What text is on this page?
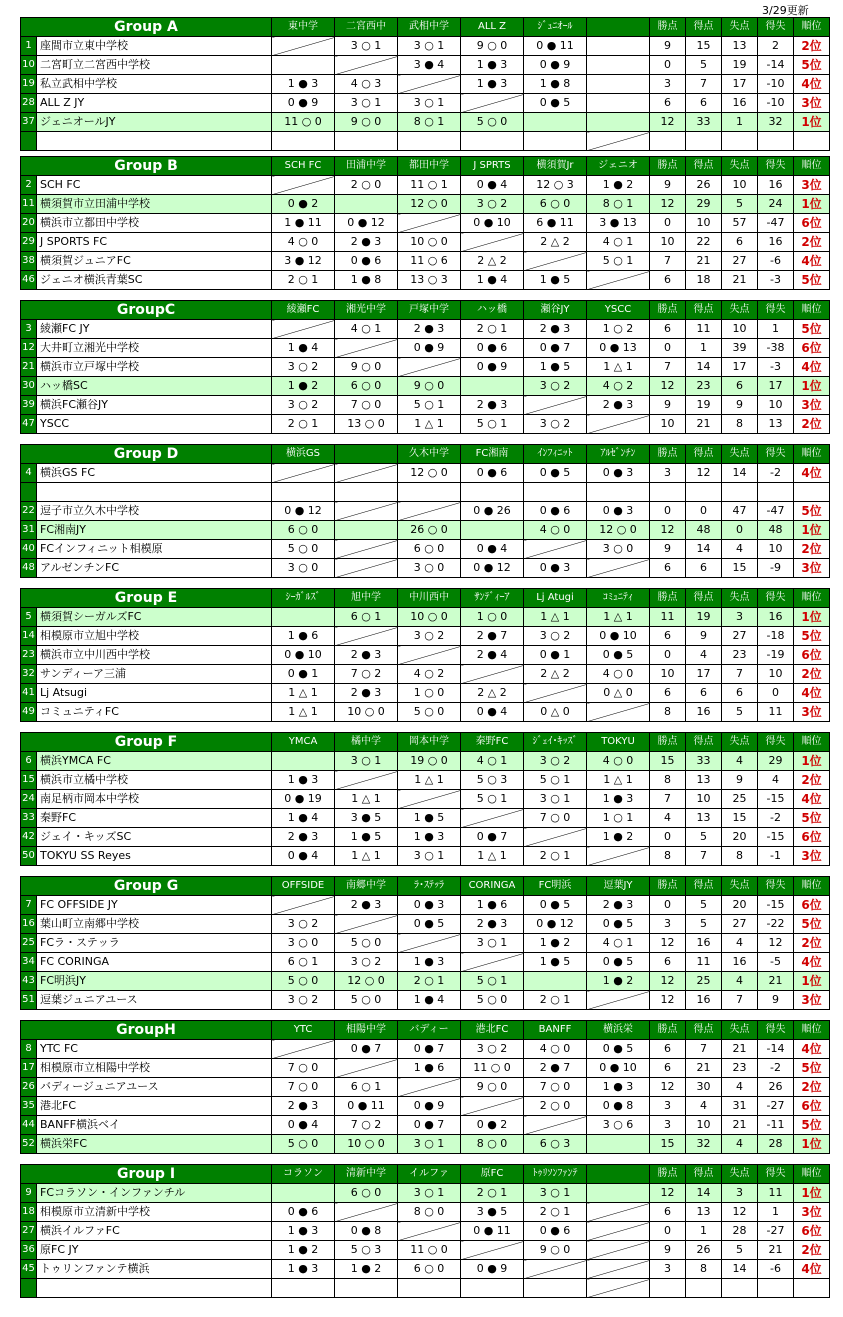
3/29更新
Group A		東中学	二宮西中	武相中学	ALL Z	ｼﾞｭﾆｵｰﾙ		勝点	得点	失点	得失	順位
1	座間市立東中学校		3 ○ 1	3 ○ 1	9 ○ 0	0 ● 11		9	15	13	2	2位
10	二宮町立二宮西中学校			3 ● 4	1 ● 3	0 ● 9		0	5	19	-14	5位
19	私立武相中学校	1 ● 3	4 ○ 3		1 ● 3	1 ● 8		3	7	17	-10	4位
28	ALL Z JY	0 ● 9	3 ○ 1	3 ○ 1		0 ● 5		6	6	16	-10	3位
37	ジェニオールJY	11 ○ 0	9 ○ 0	8 ○ 1	5 ○ 0			12	33	1	32	1位

Group B		SCH FC	田浦中学	都田中学	J SPRTS	横須賀Jr	ジェニオ	勝点	得点	失点	得失	順位
2	SCH FC		2 ○ 0	11 ○ 1	0 ● 4	12 ○ 3	1 ● 2	9	26	10	16	3位
11	横須賀市立田浦中学校	0 ● 2		12 ○ 0	3 ○ 2	6 ○ 0	8 ○ 1	12	29	5	24	1位
20	横浜市立都田中学校	1 ● 11	0 ● 12		0 ● 10	6 ● 11	3 ● 13	0	10	57	-47	6位
29	J SPORTS FC	4 ○ 0	2 ● 3	10 ○ 0		2 △ 2	4 ○ 1	10	22	6	16	2位
38	横須賀ジュニアFC	3 ● 12	0 ● 6	11 ○ 6	2 △ 2		5 ○ 1	7	21	27	-6	4位
46	ジェニオ横浜青葉SC	2 ○ 1	1 ● 8	13 ○ 3	1 ● 4	1 ● 5		6	18	21	-3	5位
GroupC		綾瀬FC	湘光中学	戸塚中学	ハッ橋	瀬谷JY	YSCC	勝点	得点	失点	得失	順位
3	綾瀬FC JY		4 ○ 1	2 ● 3	2 ○ 1	2 ● 3	1 ○ 2	6	11	10	1	5位
12	大井町立湘光中学校	1 ● 4		0 ● 9	0 ● 6	0 ● 7	0 ● 13	0	1	39	-38	6位
21	横浜市立戸塚中学校	3 ○ 2	9 ○ 0		0 ● 9	1 ● 5	1 △ 1	7	14	17	-3	4位
30	ハッ橋SC	1 ● 2	6 ○ 0	9 ○ 0		3 ○ 2	4 ○ 2	12	23	6	17	1位
39	横浜FC瀬谷JY	3 ○ 2	7 ○ 0	5 ○ 1	2 ● 3		2 ● 3	9	19	9	10	3位
47	YSCC	2 ○ 1	13 ○ 0	1 △ 1	5 ○ 1	3 ○ 2		10	21	8	13	2位
Group D		横浜GS		久木中学	FC湘南	ｲﾝﾌｨﾆｯﾄ	ｱﾙｾﾞﾝﾁﾝ	勝点	得点	失点	得失	順位
4	横浜GS FC			12 ○ 0	0 ● 6	0 ● 5	0 ● 3	3	12	14	-2	4位

22	逗子市立久木中学校	0 ● 12			0 ● 26	0 ● 6	0 ● 3	0	0	47	-47	5位
31	FC湘南JY	6 ○ 0		26 ○ 0		4 ○ 0	12 ○ 0	12	48	0	48	1位
40	FCインフィニット相模原	5 ○ 0		6 ○ 0	0 ● 4		3 ○ 0	9	14	4	10	2位
48	アルゼンチンFC	3 ○ 0		3 ○ 0	0 ● 12	0 ● 3		6	6	15	-9	3位
Group E		ｼｰｶﾞﾙｽﾞ	旭中学	中川西中	ｻﾝﾃﾞｨｰｱ	Lj Atugi	ｺﾐｭﾆﾃｨ	勝点	得点	失点	得失	順位
5	横須賀シーガルズFC		6 ○ 1	10 ○ 0	1 ○ 0	1 △ 1	1 △ 1	11	19	3	16	1位
14	相模原市立旭中学校	1 ● 6		3 ○ 2	2 ● 7	3 ○ 2	0 ● 10	6	9	27	-18	5位
23	横浜市立中川西中学校	0 ● 10	2 ● 3		2 ● 4	0 ● 1	0 ● 5	0	4	23	-19	6位
32	サンディーア三浦	0 ● 1	7 ○ 2	4 ○ 2		2 △ 2	4 ○ 0	10	17	7	10	2位
41	Lj Atsugi	1 △ 1	2 ● 3	1 ○ 0	2 △ 2		0 △ 0	6	6	6	0	4位
49	コミュニティFC	1 △ 1	10 ○ 0	5 ○ 0	0 ● 4	0 △ 0		8	16	5	11	3位
Group F		YMCA	橘中学	岡本中学	秦野FC	ｼﾞｪｲ･ｷｯｽﾞ	TOKYU	勝点	得点	失点	得失	順位
6	横浜YMCA FC		3 ○ 1	19 ○ 0	4 ○ 1	3 ○ 2	4 ○ 0	15	33	4	29	1位
15	横浜市立橘中学校	1 ● 3		1 △ 1	5 ○ 3	5 ○ 1	1 △ 1	8	13	9	4	2位
24	南足柄市岡本中学校	0 ● 19	1 △ 1		5 ○ 1	3 ○ 1	1 ● 3	7	10	25	-15	4位
33	秦野FC	1 ● 4	3 ● 5	1 ● 5		7 ○ 0	1 ○ 1	4	13	15	-2	5位
42	ジェイ・キッズSC	2 ● 3	1 ● 5	1 ● 3	0 ● 7		1 ● 2	0	5	20	-15	6位
50	TOKYU SS Reyes	0 ● 4	1 △ 1	3 ○ 1	1 △ 1	2 ○ 1		8	7	8	-1	3位
Group G		OFFSIDE	南郷中学	ﾗ･ｽﾃｯﾗ	CORINGA	FC明浜	逗葉JY	勝点	得点	失点	得失	順位
7	FC OFFSIDE JY		2 ● 3	0 ● 3	1 ● 6	0 ● 5	2 ● 3	0	5	20	-15	6位
16	葉山町立南郷中学校	3 ○ 2		0 ● 5	2 ● 3	0 ● 12	0 ● 5	3	5	27	-22	5位
25	FCラ・ステッラ	3 ○ 0	5 ○ 0		3 ○ 1	1 ● 2	4 ○ 1	12	16	4	12	2位
34	FC CORINGA	6 ○ 1	3 ○ 2	1 ● 3		1 ● 5	0 ● 5	6	11	16	-5	4位
43	FC明浜JY	5 ○ 0	12 ○ 0	2 ○ 1	5 ○ 1		1 ● 2	12	25	4	21	1位
51	逗葉ジュニアユース	3 ○ 2	5 ○ 0	1 ● 4	5 ○ 0	2 ○ 1		12	16	7	9	3位
GroupH		YTC	相陽中学	バディー	港北FC	BANFF	横浜栄	勝点	得点	失点	得失	順位
8	YTC FC		0 ● 7	0 ● 7	3 ○ 2	4 ○ 0	0 ● 5	6	7	21	-14	4位
17	相模原市立相陽中学校	7 ○ 0		1 ● 6	11 ○ 0	2 ● 7	0 ● 10	6	21	23	-2	5位
26	バディージュニアユース	7 ○ 0	6 ○ 1		9 ○ 0	7 ○ 0	1 ● 3	12	30	4	26	2位
35	港北FC	2 ● 3	0 ● 11	0 ● 9		2 ○ 0	0 ● 8	3	4	31	-27	6位
44	BANFF横浜ベイ	0 ● 4	7 ○ 2	0 ● 7	0 ● 2		3 ○ 6	3	10	21	-11	5位
52	横浜栄FC	5 ○ 0	10 ○ 0	3 ○ 1	8 ○ 0	6 ○ 3		15	32	4	28	1位
Group I		コラソン	清新中学	イルファ	原FC	ﾄｩﾘｿﾝﾌｧﾝﾃ		勝点	得点	失点	得失	順位
9	FCコラソン・インファンチル		6 ○ 0	3 ○ 1	2 ○ 1	3 ○ 1		12	14	3	11	1位
18	相模原市立清新中学校	0 ● 6		8 ○ 0	3 ● 5	2 ○ 1		6	13	12	1	3位
27	横浜イルファFC	1 ● 3	0 ● 8		0 ● 11	0 ● 6		0	1	28	-27	6位
36	原FC JY	1 ● 2	5 ○ 3	11 ○ 0		9 ○ 0		9	26	5	21	2位
45	トゥリンファンテ横浜	1 ● 3	1 ● 2	6 ○ 0	0 ● 9			3	8	14	-6	4位
